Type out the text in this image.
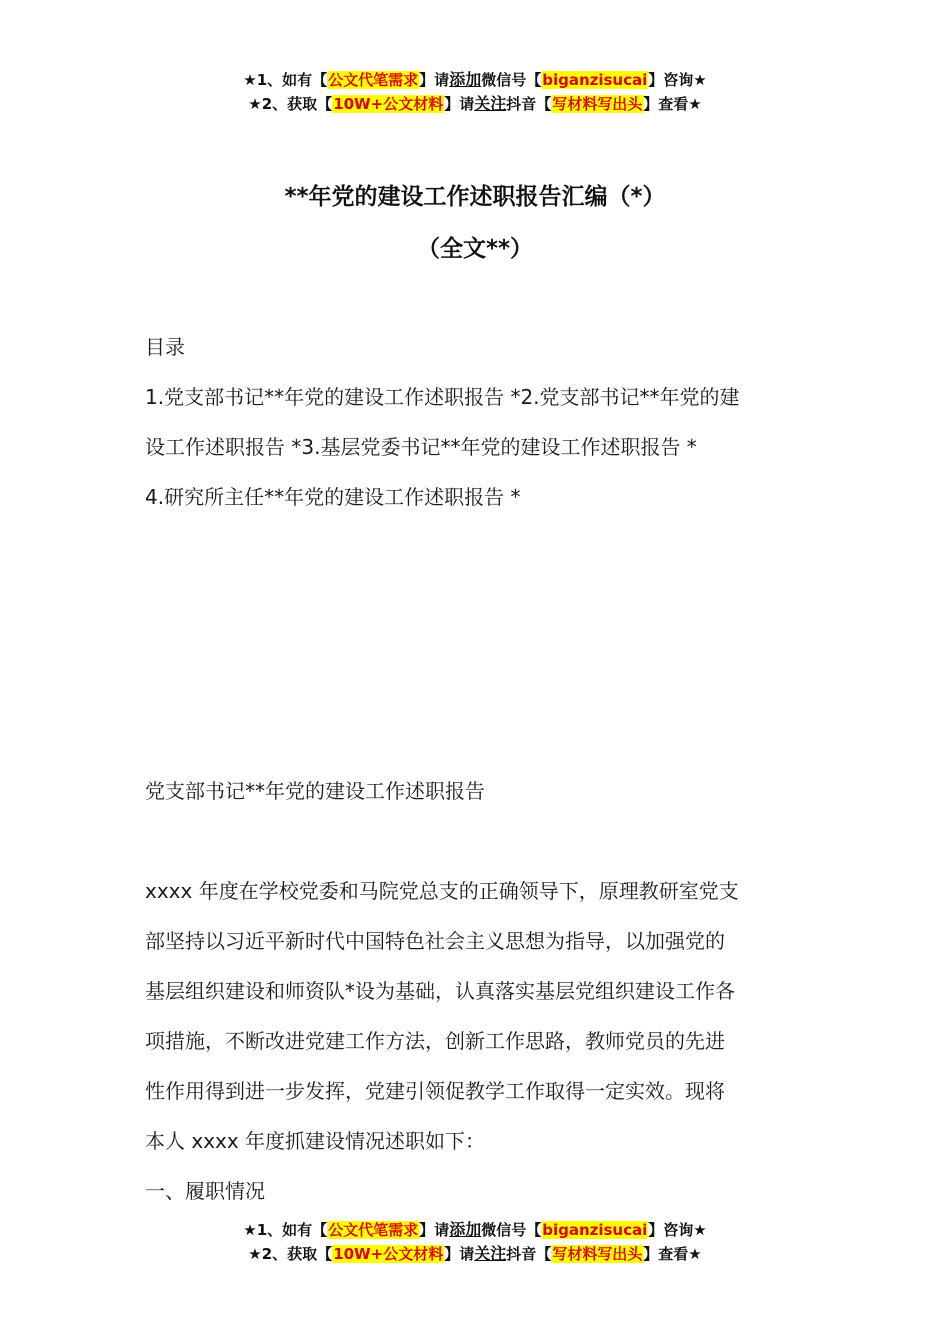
★1、如有【公文代笔需求】请添加微信号【biganzisucai】咨询★
★2、获取【10W+公文材料】请关注抖音【写材料写出头】查看★
**年党的建设工作述职报告汇编（*）
（全文**）

目录

1.党支部书记**年党的建设工作述职报告 *2.党支部书记**年党的建

设工作述职报告 *3.基层党委书记**年党的建设工作述职报告 *

4.研究所主任**年党的建设工作述职报告 *

党支部书记**年党的建设工作述职报告

xxxx 年度在学校党委和马院党总支的正确领导下，原理教研室党支

部坚持以习近平新时代中国特色社会主义思想为指导，以加强党的

基层组织建设和师资队*设为基础，认真落实基层党组织建设工作各

项措施，不断改进党建工作方法，创新工作思路，教师党员的先进

性作用得到进一步发挥，党建引领促教学工作取得一定实效。现将

本人 xxxx 年度抓建设情况述职如下：

一、履职情况

★1、如有【公文代笔需求】请添加微信号【biganzisucai】咨询★
★2、获取【10W+公文材料】请关注抖音【写材料写出头】查看★
